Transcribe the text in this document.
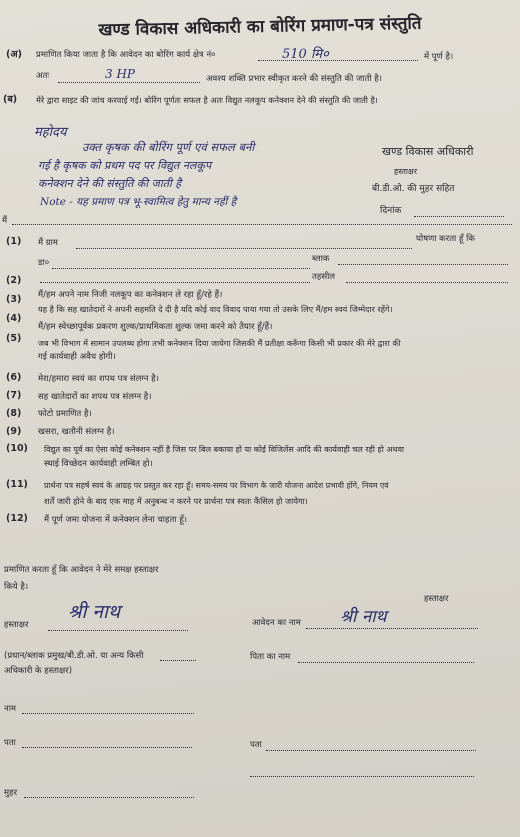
खण्ड विकास अधिकारी का बोरिंग प्रमाण-पत्र संस्तुति
(अ) प्रमाणित किया जाता है कि आवेदन का बोरिंग कार्य क्षेत्र नं०	510 मि०	में पूर्ण है।
अतः	3 HP	अवश्य शक्ति प्रभार स्वीकृत करने की संस्तुति की जाती है।
(ब) मेरे द्वारा साइट की जांच करवाई गई। बोरिंग पूर्णतः सफल है अतः विद्युत नलकूप कनेक्शन देने की संस्तुति की जाती है।
महोदय
उक्त कृषक की बोरिंग पूर्ण एवं सफल बनी
गई है कृषक को प्रथम पद पर विद्युत नलकूप
कनेक्शन देने की संस्तुति की जाती है
Note - यह प्रमाण पत्र भू-स्वामित्व हेतु मान्य नहीं है
खण्ड विकास अधिकारी
हस्ताक्षर
बी.डी.ओ. की मुहर सहित
दिनांक
मैं
(1) मैं ग्राम	घोषणा करता हूँ कि
डा०	ब्लाक
तहसील
(2)
मैं/हम अपने नाम निजी नलकूप का कनेक्शन ले रहा हूँ/रहे हैं।
(3)
यह है कि सह खातेदारों ने अपनी सहमति दे दी है यदि कोई वाद विवाद पाया गया तो उसके लिए मैं/हम स्वयं जिम्मेदार रहेंगे।
(4)
मैं/हम स्वेच्छापूर्वक प्रकरण शुल्क/प्राथमिकता शुल्क जमा करने को तैयार हूँ/हैं।
(5) जब भी विभाग में सामान उपलब्ध होगा तभी कनेक्शन दिया जायेगा जिसकी मैं प्रतीक्षा करूँगा किसी भी प्रकार की मेरे द्वारा की
गई कार्यवाही अवैध होगी।
(6) मेरा/हमारा स्वयं का शपथ पत्र संलग्न है।
(7) सह खातेदारों का शपथ पत्र संलग्न है।
(8) फोटो प्रमाणित है।
(9) खसरा, खतौनी संलग्न है।
(10) विद्युत का पूर्व का ऐसा कोई कनेक्शन नहीं है जिस पर बिल बकाया हो या कोई विजिलेंस आदि की कार्यवाही चल रही हो अथवा
स्थाई विच्छेदन कार्यवाही लम्बित हो।
(11) प्रार्थना पत्र सहर्ष स्वयं के आग्रह पर प्रस्तुत कर रहा हूँ। समय-समय पर विभाग के जारी योजना आदेश प्रभावी होंगे, नियम एवं
शर्तें जारी होने के बाद एक माह में अनुबन्ध न करने पर प्रार्थना पत्र स्वतः कैंसिल हो जायेगा।
(12) मैं पूर्ण जमा योजना में कनेक्शन लेना चाहता हूँ।
प्रमाणित करता हूँ कि आवेदन ने मेरे समक्ष हस्ताक्षर
किये है।
हस्ताक्षर
हस्ताक्षर
श्री नाथ	आवेदन का नाम श्री नाथ
(प्रधान/ब्लाक प्रमुख/बी.डी.ओ. या अन्य किसी
अधिकारी के हस्ताक्षर)
पिता का नाम
नाम
पता	पता
मुहर
